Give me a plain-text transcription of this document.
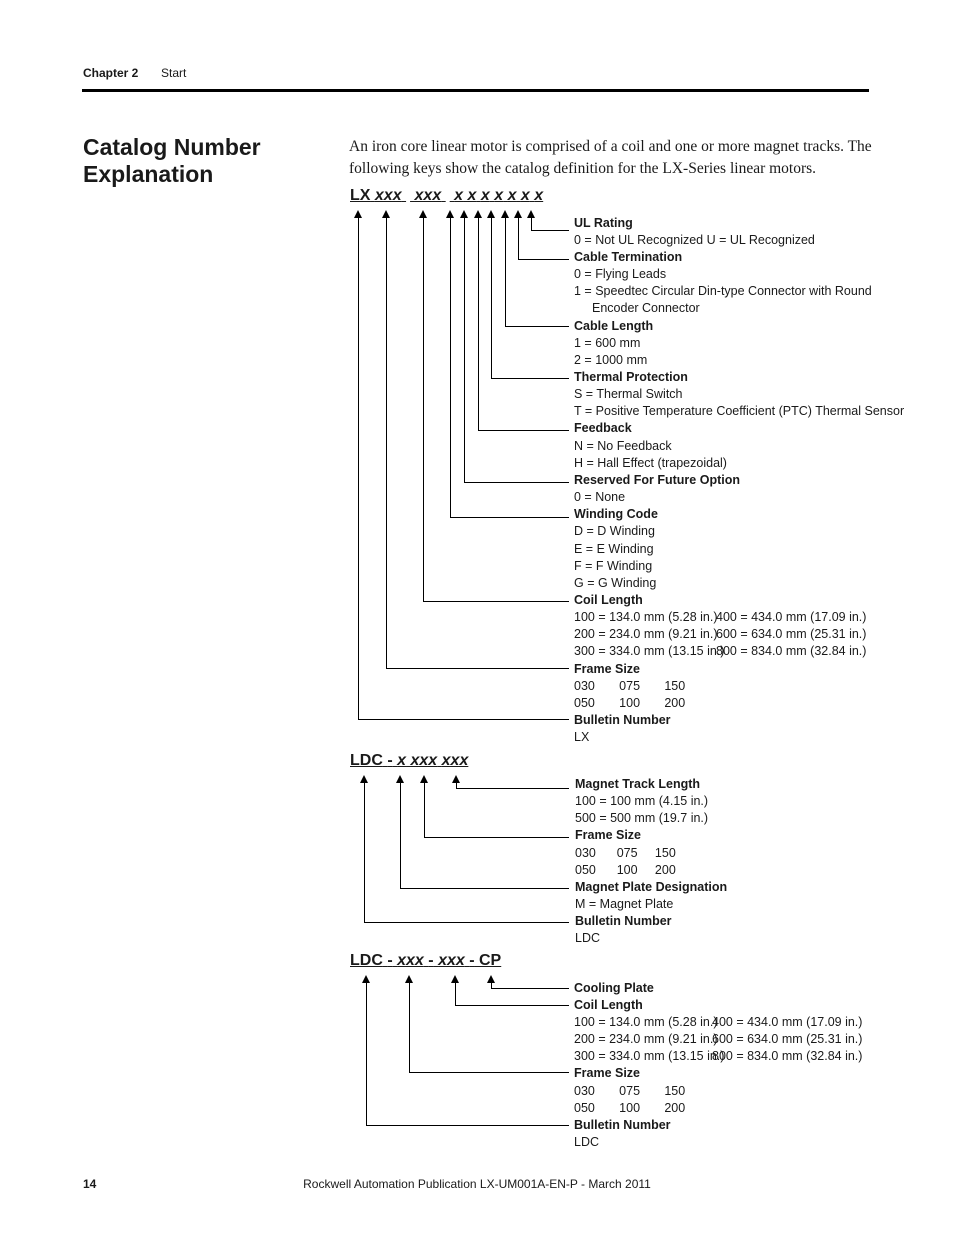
Chapter 2 Start
Catalog Number Explanation
An iron core linear motor is comprised of a coil and one or more magnet tracks. The following keys show the catalog definition for the LX-Series linear motors.
LX xxx xxx x x x x x x x
UL Rating
0 = Not UL Recognized U = UL Recognized
Cable Termination
0 = Flying Leads
1 = Speedtec Circular Din-type Connector with Round
Encoder Connector
Cable Length
1 = 600 mm
2 = 1000 mm
Thermal Protection
S = Thermal Switch
T = Positive Temperature Coefficient (PTC) Thermal Sensor
Feedback
N = No Feedback
H = Hall Effect (trapezoidal)
Reserved For Future Option
0 = None
Winding Code
D = D Winding
E = E Winding
F = F Winding
G = G Winding
Coil Length
100 = 134.0 mm (5.28 in.)
200 = 234.0 mm (9.21 in.)
300 = 334.0 mm (13.15 in.)
400 = 434.0 mm (17.09 in.)
600 = 634.0 mm (25.31 in.)
800 = 834.0 mm (32.84 in.)
Frame Size
030       075       150
050       100       200
Bulletin Number
LX
LDC - x xxx xxx
Magnet Track Length
100 = 100 mm (4.15 in.)
500 = 500 mm (19.7 in.)
Frame Size
030      075     150
050      100     200
Magnet Plate Designation
M = Magnet Plate
Bulletin Number
LDC
LDC - xxx - xxx - CP
Cooling Plate
Coil Length
100 = 134.0 mm (5.28 in.)
200 = 234.0 mm (9.21 in.)
300 = 334.0 mm (13.15 in.)
400 = 434.0 mm (17.09 in.)
600 = 634.0 mm (25.31 in.)
800 = 834.0 mm (32.84 in.)
Frame Size
030       075       150
050       100       200
Bulletin Number
LDC
14	Rockwell Automation Publication LX-UM001A-EN-P - March 2011
